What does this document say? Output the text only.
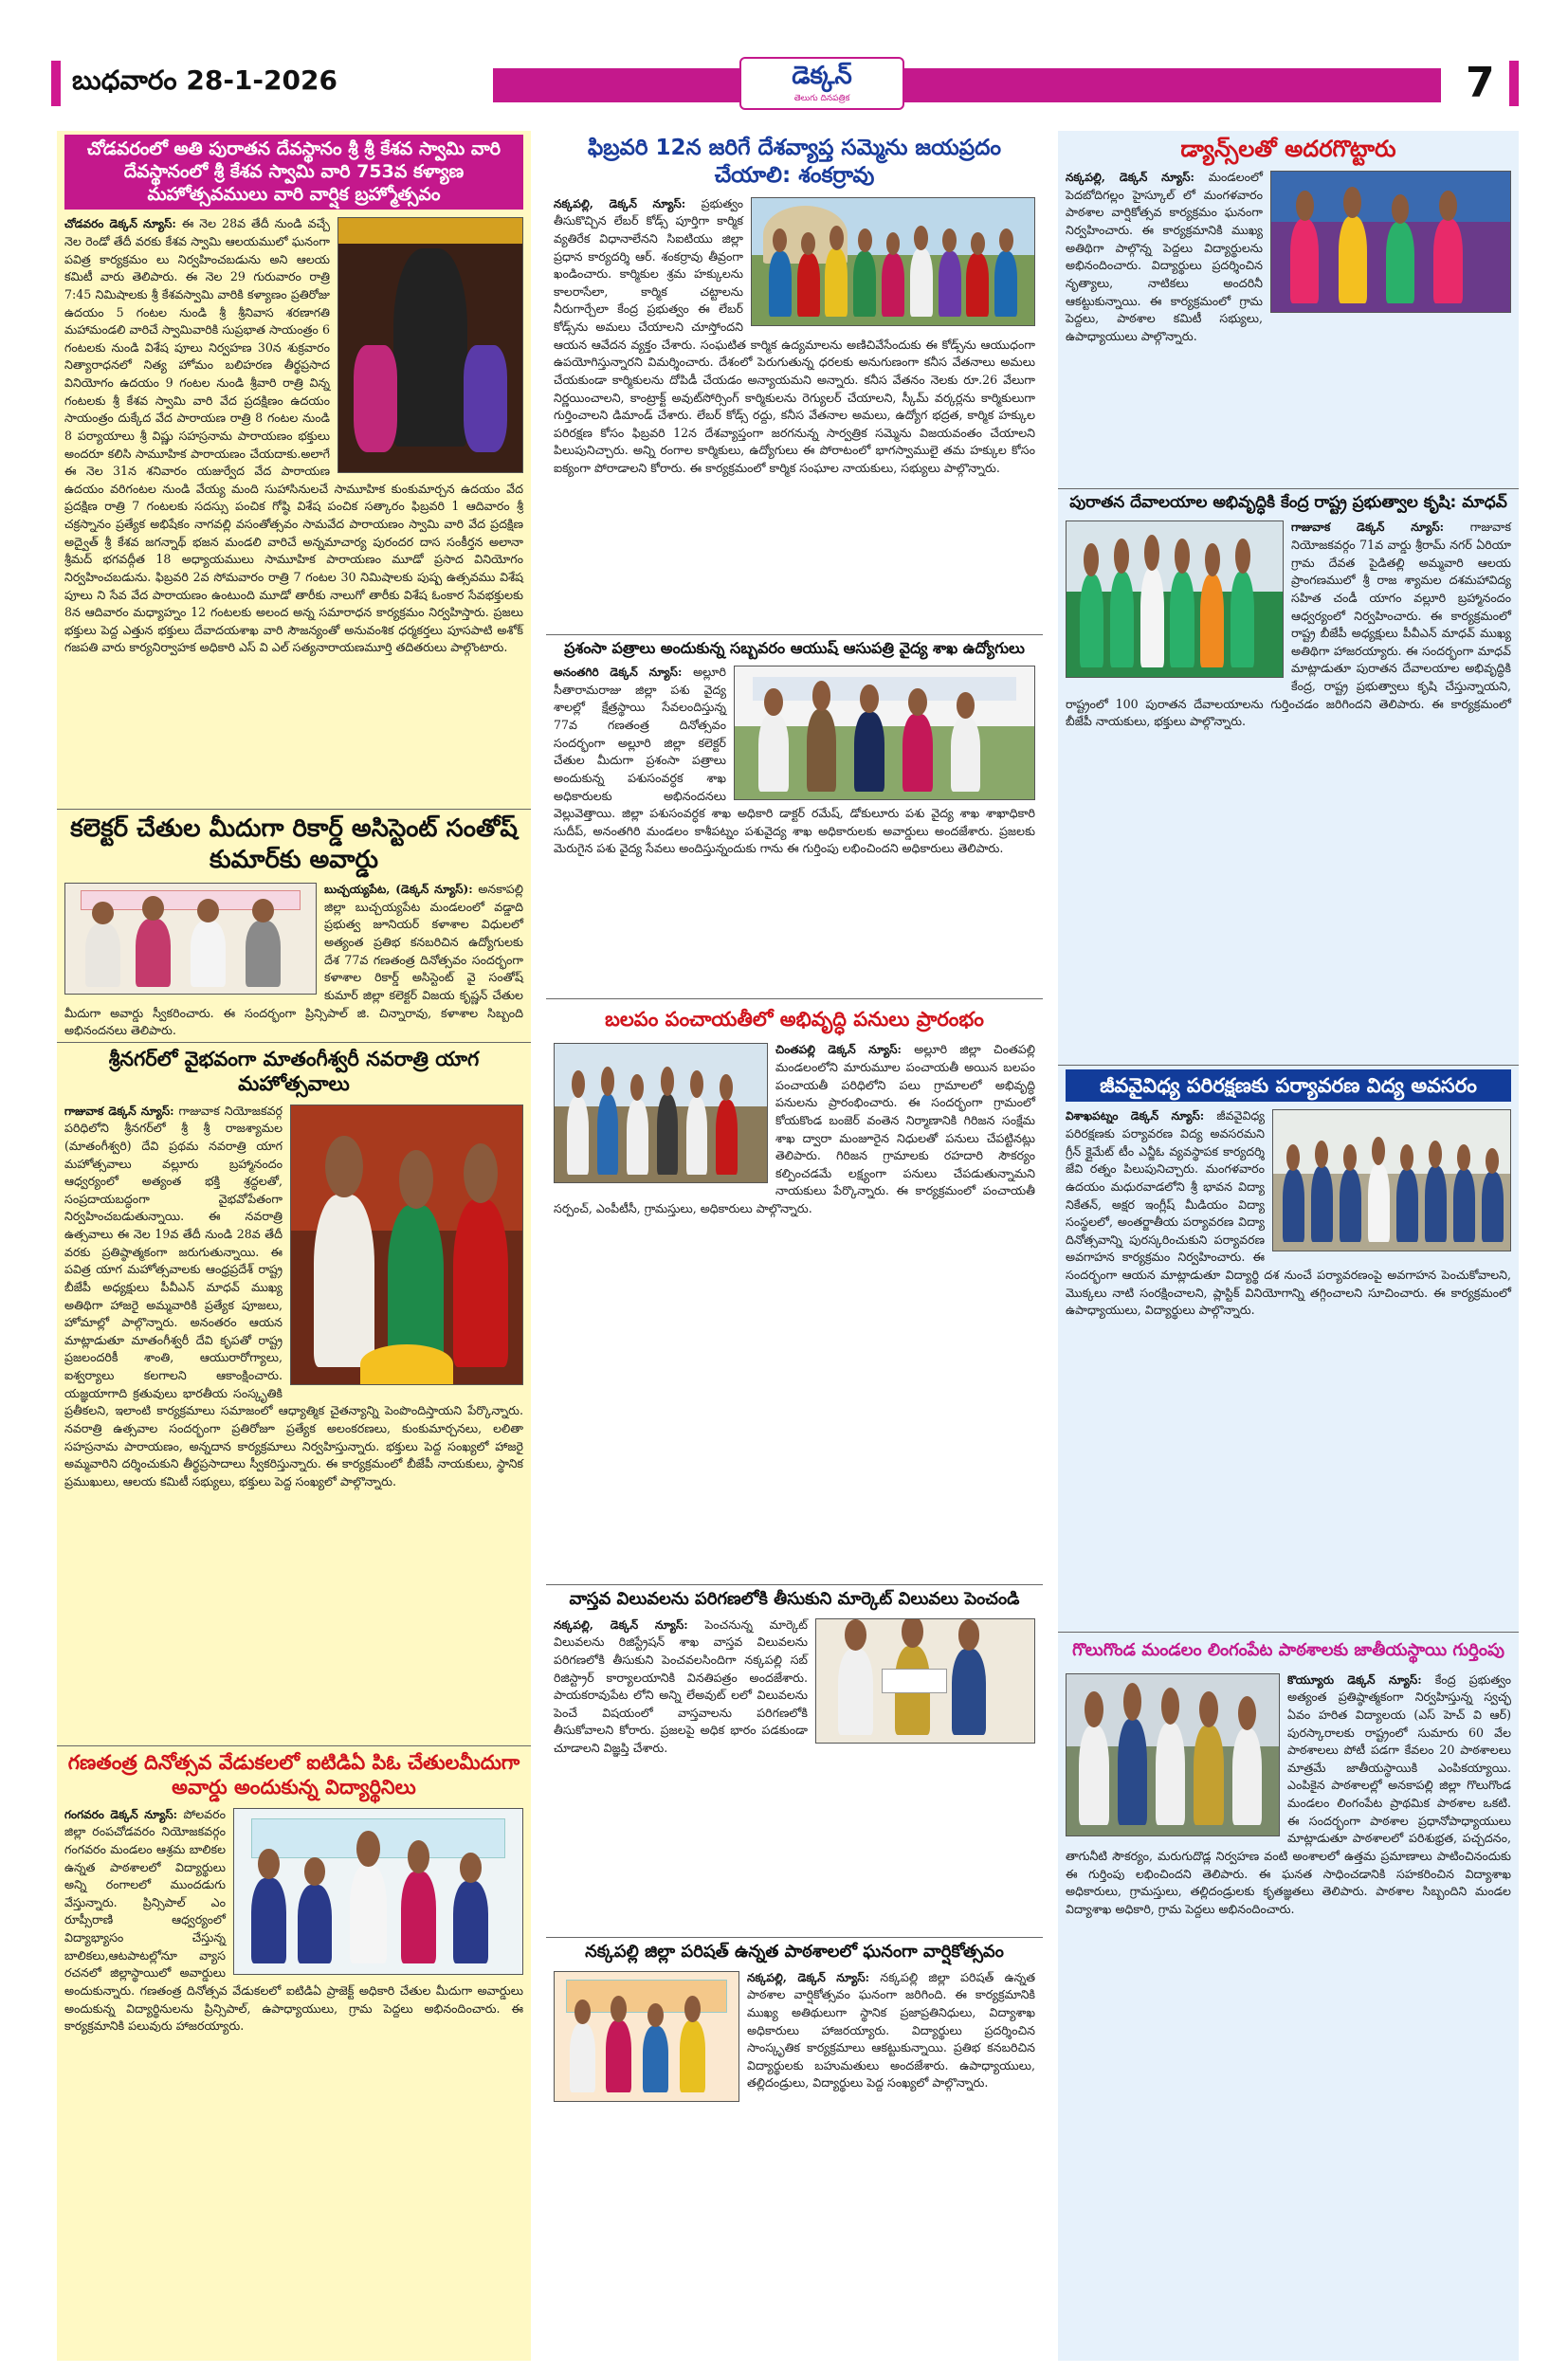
బుధవారం 28-1-2026	డెక్కన్
తెలుగు దినపత్రిక	7
చోడవరంలో అతి పురాతన దేవస్థానం శ్రీ శ్రీ కేశవ స్వామి వారి దేవస్థానంలో శ్రీ కేశవ స్వామి వారి 753వ కళ్యాణ మహోత్సవములు వారి వార్షిక బ్రహ్మోత్సవం
చోడవరం డెక్కన్ న్యూస్: ఈ నెల 28వ తేదీ నుండి వచ్చే నెల రెండో తేదీ వరకు కేశవ స్వామి ఆలయములో ఘనంగా పవిత్ర కార్యక్రమం లు నిర్వహించబడును అని ఆలయ కమిటీ వారు తెలిపారు. ఈ నెల 29 గురువారం రాత్రి 7:45 నిమిషాలకు శ్రీ కేశవస్వామి వారికి కళ్యాణం ప్రతిరోజు ఉదయం 5 గంటల నుండి శ్రీ శ్రీనివాస శరణాగతి మహామండలి వారిచే స్వామివారికి సుప్రభాత సాయంత్రం 6 గంటలకు నుండి విశేష పూలు నిర్వహణ 30న శుక్రవారం నిత్యారాధనలో నిత్య హోమం బలిహరణ తీర్థప్రసాద వినియోగం ఉదయం 9 గంటల నుండి శ్రీవారి రాత్రి విన్న గంటలకు శ్రీ కేశవ స్వామి వారి వేద ప్రదక్షిణం ఉదయం సాయంత్రం దుక్కేద వేద పారాయణ రాత్రి 8 గంటల నుండి 8 పర్యాయాలు శ్రీ విష్ణు సహస్రనామ పారాయణం భక్తులు అందరూ కలిసి సామూహిక పారాయణం చేయదాకు.అలాగే ఈ నెల 31న శనివారం యజుర్వేద వేద పారాయణ ఉదయం వరిగంటల నుండి వేయ్య మంది సుహాసినులచే సామూహిక కుంకుమార్చన ఉదయం వేద ప్రదక్షిణ రాత్రి 7 గంటలకు సదస్సు పంచిక గోష్ఠి విశేష పంచిక సత్కారం ఫిబ్రవరి 1 ఆదివారం శ్రీ చక్రస్నానం ప్రత్యేక అభిషేకం నాగవల్లి వసంతోత్సవం సామవేద పారాయణం స్వామి వారి వేద ప్రదక్షిణ అద్వైత్ శ్రీ కేశవ జగన్నాథ్ భజన మండలి వారిచే అన్నమాచార్య పురందర దాస సంకీర్తన అలానా శ్రీమద్ భగవద్గీత 18 అధ్యాయములు సామూహిక పారాయణం మూడో ప్రసాద వినియోగం నిర్వహించబడును. ఫిబ్రవరి 2వ సోమవారం రాత్రి 7 గంటల 30 నిమిషాలకు పుష్ప ఉత్సవము విశేష పూలు ని సేవ వేద పారాయణం ఉంటుంది మూడో తారీకు నాలుగో తారీకు విశేష ఓంకార సేవభక్తులకు 8న ఆదివారం మధ్యాహ్నం 12 గంటలకు అలంద అన్న సమారాధన కార్యక్రమం నిర్వహిస్తారు. ప్రజలు భక్తులు పెద్ద ఎత్తున భక్తులు దేవాదయశాఖ వారి సౌజన్యంతో అనువంశిక ధర్మకర్తలు పూసపాటి అశోక్ గజపతి వారు కార్యనిర్వాహక అధికారి ఎస్ వి ఎల్ సత్యనారాయణమూర్తి తదితరులు పాల్గొంటారు.
కలెక్టర్ చేతుల మీదుగా రికార్డ్ అసిస్టెంట్ సంతోష్ కుమార్‌కు అవార్డు
బుచ్చయ్యపేట, (డెక్కన్ న్యూస్): అనకాపల్లి జిల్లా బుచ్చయ్యపేట మండలంలో వడ్డాది ప్రభుత్వ జూనియర్ కళాశాల విధులలో అత్యంత ప్రతిభ కనబరిచిన ఉద్యోగులకు దేశ 77వ గణతంత్ర దినోత్సవం సందర్భంగా కళాశాల రికార్డ్ అసిస్టెంట్ వై సంతోష్ కుమార్ జిల్లా కలెక్టర్ విజయ కృష్ణన్ చేతుల మీదుగా అవార్డు స్వీకరించారు. ఈ సందర్భంగా ప్రిన్సిపాల్ జి. చిన్నారావు, కళాశాల సిబ్బంది అభినందనలు తెలిపారు.
శ్రీనగర్‌లో వైభవంగా మాతంగీశ్వరీ నవరాత్రి యాగ మహోత్సవాలు
గాజువాక డెక్కన్ న్యూస్: గాజువాక నియోజకవర్గ పరిధిలోని శ్రీనగర్‌లో శ్రీ శ్రీ రాజశ్యామల (మాతంగీశ్వరి) దేవి ప్రథమ నవరాత్రి యాగ మహోత్సవాలు వల్లూరు బ్రహ్మానందం ఆధ్వర్యంలో అత్యంత భక్తి శ్రద్ధలతో, సంప్రదాయబద్ధంగా వైభవోపేతంగా నిర్వహించబడుతున్నాయి. ఈ నవరాత్రి ఉత్సవాలు ఈ నెల 19వ తేదీ నుండి 28వ తేదీ వరకు ప్రతిష్ఠాత్మకంగా జరుగుతున్నాయి. ఈ పవిత్ర యాగ మహోత్సవాలకు ఆంధ్రప్రదేశ్ రాష్ట్ర బీజేపీ అధ్యక్షులు పీవీఎన్ మాధవ్ ముఖ్య అతిథిగా హాజరై అమ్మవారికి ప్రత్యేక పూజలు, హోమాల్లో పాల్గొన్నారు. అనంతరం ఆయన మాట్లాడుతూ మాతంగీశ్వరీ దేవి కృపతో రాష్ట్ర ప్రజలందరికీ శాంతి, ఆయురారోగ్యాలు, ఐశ్వర్యాలు కలగాలని ఆకాంక్షించారు. యజ్ఞయాగాది క్రతువులు భారతీయ సంస్కృతికి ప్రతీకలని, ఇలాంటి కార్యక్రమాలు సమాజంలో ఆధ్యాత్మిక చైతన్యాన్ని పెంపొందిస్తాయని పేర్కొన్నారు. నవరాత్రి ఉత్సవాల సందర్భంగా ప్రతిరోజూ ప్రత్యేక అలంకరణలు, కుంకుమార్చనలు, లలితా సహస్రనామ పారాయణం, అన్నదాన కార్యక్రమాలు నిర్వహిస్తున్నారు. భక్తులు పెద్ద సంఖ్యలో హాజరై అమ్మవారిని దర్శించుకుని తీర్థప్రసాదాలు స్వీకరిస్తున్నారు. ఈ కార్యక్రమంలో బీజేపీ నాయకులు, స్థానిక ప్రముఖులు, ఆలయ కమిటీ సభ్యులు, భక్తులు పెద్ద సంఖ్యలో పాల్గొన్నారు.
గణతంత్ర దినోత్సవ వేడుకలలో ఐటిడిఏ పిఓ చేతులమీదుగా అవార్డు అందుకున్న విద్యార్థినిలు
గంగవరం డెక్కన్ న్యూస్: పోలవరం జిల్లా రంపచోడవరం నియోజకవర్గం గంగవరం మండలం ఆశ్రమ బాలికల ఉన్నత పాఠశాలలో విద్యార్థులు అన్ని రంగాలలో ముందడుగు వేస్తున్నారు. ప్రిన్సిపాల్ ఎం రూప్సీరాణి ఆధ్వర్యంలో విద్యాభ్యాసం చేస్తున్న బాలికలు,ఆటపాటల్లోనూ వ్యాస రచనలో జిల్లాస్థాయిలో అవార్డులు అందుకున్నారు. గణతంత్ర దినోత్సవ వేడుకలలో ఐటిడిఏ ప్రాజెక్ట్ అధికారి చేతుల మీదుగా అవార్డులు అందుకున్న విద్యార్థినులను ప్రిన్సిపాల్, ఉపాధ్యాయులు, గ్రామ పెద్దలు అభినందించారు. ఈ కార్యక్రమానికి పలువురు హాజరయ్యారు.
ఫిబ్రవరి 12న జరిగే దేశవ్యాప్త సమ్మెను జయప్రదం చేయాలి: శంకర్రావు
నక్కపల్లి, డెక్కన్ న్యూస్: ప్రభుత్వం తీసుకొచ్చిన లేబర్ కోడ్స్ పూర్తిగా కార్మిక వ్యతిరేక విధానాలేనని సిఐటియు జిల్లా ప్రధాన కార్యదర్శి ఆర్. శంకర్రావు తీవ్రంగా ఖండించారు. కార్మికుల శ్రమ హక్కులను కాలరాసేలా, కార్మిక చట్టాలను నీరుగార్చేలా కేంద్ర ప్రభుత్వం ఈ లేబర్ కోడ్స్‌ను అమలు చేయాలని చూస్తోందని ఆయన ఆవేదన వ్యక్తం చేశారు. సంఘటిత కార్మిక ఉద్యమాలను అణిచివేసేందుకు ఈ కోడ్స్‌ను ఆయుధంగా ఉపయోగిస్తున్నారని విమర్శించారు. దేశంలో పెరుగుతున్న ధరలకు అనుగుణంగా కనీస వేతనాలు అమలు చేయకుండా కార్మికులను దోపిడీ చేయడం అన్యాయమని అన్నారు. కనీస వేతనం నెలకు రూ.26 వేలుగా నిర్ణయించాలని, కాంట్రాక్ట్ అవుట్‌సోర్సింగ్ కార్మికులను రెగ్యులర్ చేయాలని, స్కీమ్ వర్కర్లను కార్మికులుగా గుర్తించాలని డిమాండ్ చేశారు. లేబర్ కోడ్స్ రద్దు, కనీస వేతనాల అమలు, ఉద్యోగ భద్రత, కార్మిక హక్కుల పరిరక్షణ కోసం ఫిబ్రవరి 12న దేశవ్యాప్తంగా జరగనున్న సార్వత్రిక సమ్మెను విజయవంతం చేయాలని పిలుపునిచ్చారు. అన్ని రంగాల కార్మికులు, ఉద్యోగులు ఈ పోరాటంలో భాగస్వాములై తమ హక్కుల కోసం ఐక్యంగా పోరాడాలని కోరారు. ఈ కార్యక్రమంలో కార్మిక సంఘాల నాయకులు, సభ్యులు పాల్గొన్నారు.
ప్రశంసా పత్రాలు అందుకున్న సబ్బవరం ఆయుష్ ఆసుపత్రి వైద్య శాఖ ఉద్యోగులు
అనంతగిరి డెక్కన్ న్యూస్: అల్లూరి సీతారామరాజు జిల్లా పశు వైద్య శాలల్లో క్షేత్రస్థాయి సేవలందిస్తున్న 77వ గణతంత్ర దినోత్సవం సందర్భంగా అల్లూరి జిల్లా కలెక్టర్ చేతుల మీదుగా ప్రశంసా పత్రాలు అందుకున్న పశుసంవర్ధక శాఖ అధికారులకు అభినందనలు వెల్లువెత్తాయి. జిల్లా పశుసంవర్ధక శాఖ అధికారి డాక్టర్ రమేష్, డోకులూరు పశు వైద్య శాఖ శాఖాధికారి సుదీప్, అనంతగిరి మండలం కాశీపట్నం పశువైద్య శాఖ అధికారులకు అవార్డులు అందజేశారు. ప్రజలకు మెరుగైన పశు వైద్య సేవలు అందిస్తున్నందుకు గాను ఈ గుర్తింపు లభించిందని అధికారులు తెలిపారు.
బలపం పంచాయతీలో అభివృద్ధి పనులు ప్రారంభం
చింతపల్లి డెక్కన్ న్యూస్: అల్లూరి జిల్లా చింతపల్లి మండలంలోని మారుమూల పంచాయతీ అయిన బలపం పంచాయతీ పరిధిలోని పలు గ్రామాలలో అభివృద్ధి పనులను ప్రారంభించారు. ఈ సందర్భంగా గ్రామంలో కోయకొండ బంజెర్ వంతెన నిర్మాణానికి గిరిజన సంక్షేమ శాఖ ద్వారా మంజూరైన నిధులతో పనులు చేపట్టినట్లు తెలిపారు. గిరిజన గ్రామాలకు రహదారి సౌకర్యం కల్పించడమే లక్ష్యంగా పనులు చేపడుతున్నామని నాయకులు పేర్కొన్నారు. ఈ కార్యక్రమంలో పంచాయతీ సర్పంచ్, ఎంపీటీసీ, గ్రామస్తులు, అధికారులు పాల్గొన్నారు.
వాస్తవ విలువలను పరిగణలోకి తీసుకుని మార్కెట్ విలువలు పెంచండి
నక్కపల్లి, డెక్కన్ న్యూస్: పెంచనున్న మార్కెట్ విలువలను రిజిస్ట్రేషన్ శాఖ వాస్తవ విలువలను పరిగణలోకి తీసుకుని పెంచవలసిందిగా నక్కపల్లి సబ్ రిజిస్ట్రార్ కార్యాలయానికి వినతిపత్రం అందజేశారు. పాయకరావుపేట లోని అన్ని లేఅవుట్ లలో విలువలను పెంచే విషయంలో వాస్తవాలను పరిగణలోకి తీసుకోవాలని కోరారు. ప్రజలపై అధిక భారం పడకుండా చూడాలని విజ్ఞప్తి చేశారు.
నక్కపల్లి జిల్లా పరిషత్ ఉన్నత పాఠశాలలో ఘనంగా వార్షికోత్సవం
నక్కపల్లి, డెక్కన్ న్యూస్: నక్కపల్లి జిల్లా పరిషత్ ఉన్నత పాఠశాల వార్షికోత్సవం ఘనంగా జరిగింది. ఈ కార్యక్రమానికి ముఖ్య అతిథులుగా స్థానిక ప్రజాప్రతినిధులు, విద్యాశాఖ అధికారులు హాజరయ్యారు. విద్యార్థులు ప్రదర్శించిన సాంస్కృతిక కార్యక్రమాలు ఆకట్టుకున్నాయి. ప్రతిభ కనబరిచిన విద్యార్థులకు బహుమతులు అందజేశారు. ఉపాధ్యాయులు, తల్లిదండ్రులు, విద్యార్థులు పెద్ద సంఖ్యలో పాల్గొన్నారు.
డ్యాన్స్‌లతో అదరగొట్టారు
నక్కపల్లి, డెక్కన్ న్యూస్: మండలంలో పెదబోదిగల్లం హైస్కూల్ లో మంగళవారం పాఠశాల వార్షికోత్సవ కార్యక్రమం ఘనంగా నిర్వహించారు. ఈ కార్యక్రమానికి ముఖ్య అతిథిగా పాల్గొన్న పెద్దలు విద్యార్థులను అభినందించారు. విద్యార్థులు ప్రదర్శించిన నృత్యాలు, నాటికలు అందరినీ ఆకట్టుకున్నాయి. ఈ కార్యక్రమంలో గ్రామ పెద్దలు, పాఠశాల కమిటీ సభ్యులు, ఉపాధ్యాయులు పాల్గొన్నారు.
పురాతన దేవాలయాల అభివృద్ధికి కేంద్ర రాష్ట్ర ప్రభుత్వాల కృషి: మాధవ్
గాజువాక డెక్కన్ న్యూస్: గాజువాక నియోజకవర్గం 71వ వార్డు శ్రీరామ్ నగర్ ఏరియా గ్రామ దేవత పైడితల్లి అమ్మవారి ఆలయ ప్రాంగణములో శ్రీ రాజ శ్యామల దశమహావిద్య సహిత చండీ యాగం వల్లూరి బ్రహ్మానందం ఆధ్వర్యంలో నిర్వహించారు. ఈ కార్యక్రమంలో రాష్ట్ర బీజేపీ అధ్యక్షులు పీవీఎన్ మాధవ్ ముఖ్య అతిథిగా హాజరయ్యారు. ఈ సందర్భంగా మాధవ్ మాట్లాడుతూ పురాతన దేవాలయాల అభివృద్ధికి కేంద్ర, రాష్ట్ర ప్రభుత్వాలు కృషి చేస్తున్నాయని, రాష్ట్రంలో 100 పురాతన దేవాలయాలను గుర్తించడం జరిగిందని తెలిపారు. ఈ కార్యక్రమంలో బీజేపీ నాయకులు, భక్తులు పాల్గొన్నారు.
జీవవైవిధ్య పరిరక్షణకు పర్యావరణ విద్య అవసరం
విశాఖపట్నం డెక్కన్ న్యూస్: జీవవైవిధ్య పరిరక్షణకు పర్యావరణ విద్య అవసరమని గ్రీన్ క్లైమేట్ టీం ఎన్జీఓ వ్యవస్థాపక కార్యదర్శి జేవి రత్నం పిలుపునిచ్చారు. మంగళవారం ఉదయం మధురవాడలోని శ్రీ భావన విద్యా నికేతన్, అక్షర ఇంగ్లీష్ మీడియం విద్యా సంస్థలలో, అంతర్జాతీయ పర్యావరణ విద్యా దినోత్సవాన్ని పురస్కరించుకుని పర్యావరణ అవగాహన కార్యక్రమం నిర్వహించారు. ఈ సందర్భంగా ఆయన మాట్లాడుతూ విద్యార్థి దశ నుంచే పర్యావరణంపై అవగాహన పెంచుకోవాలని, మొక్కలు నాటి సంరక్షించాలని, ప్లాస్టిక్ వినియోగాన్ని తగ్గించాలని సూచించారు. ఈ కార్యక్రమంలో ఉపాధ్యాయులు, విద్యార్థులు పాల్గొన్నారు.
గొలుగొండ మండలం లింగంపేట పాఠశాలకు జాతీయస్థాయి గుర్తింపు
కొయ్యూరు డెక్కన్ న్యూస్: కేంద్ర ప్రభుత్వం అత్యంత ప్రతిష్ఠాత్మకంగా నిర్వహిస్తున్న స్వచ్ఛ ఏవం హరిత విద్యాలయ (ఎస్ హెచ్ వి ఆర్) పురస్కారాలకు రాష్ట్రంలో సుమారు 60 వేల పాఠశాలలు పోటీ పడగా కేవలం 20 పాఠశాలలు మాత్రమే జాతీయస్థాయికి ఎంపికయ్యాయి. ఎంపికైన పాఠశాలల్లో అనకాపల్లి జిల్లా గొలుగొండ మండలం లింగంపేట ప్రాథమిక పాఠశాల ఒకటి. ఈ సందర్భంగా పాఠశాల ప్రధానోపాధ్యాయులు మాట్లాడుతూ పాఠశాలలో పరిశుభ్రత, పచ్చదనం, తాగునీటి సౌకర్యం, మరుగుదొడ్ల నిర్వహణ వంటి అంశాలలో ఉత్తమ ప్రమాణాలు పాటించినందుకు ఈ గుర్తింపు లభించిందని తెలిపారు. ఈ ఘనత సాధించడానికి సహకరించిన విద్యాశాఖ అధికారులు, గ్రామస్తులు, తల్లిదండ్రులకు కృతజ్ఞతలు తెలిపారు. పాఠశాల సిబ్బందిని మండల విద్యాశాఖ అధికారి, గ్రామ పెద్దలు అభినందించారు.
